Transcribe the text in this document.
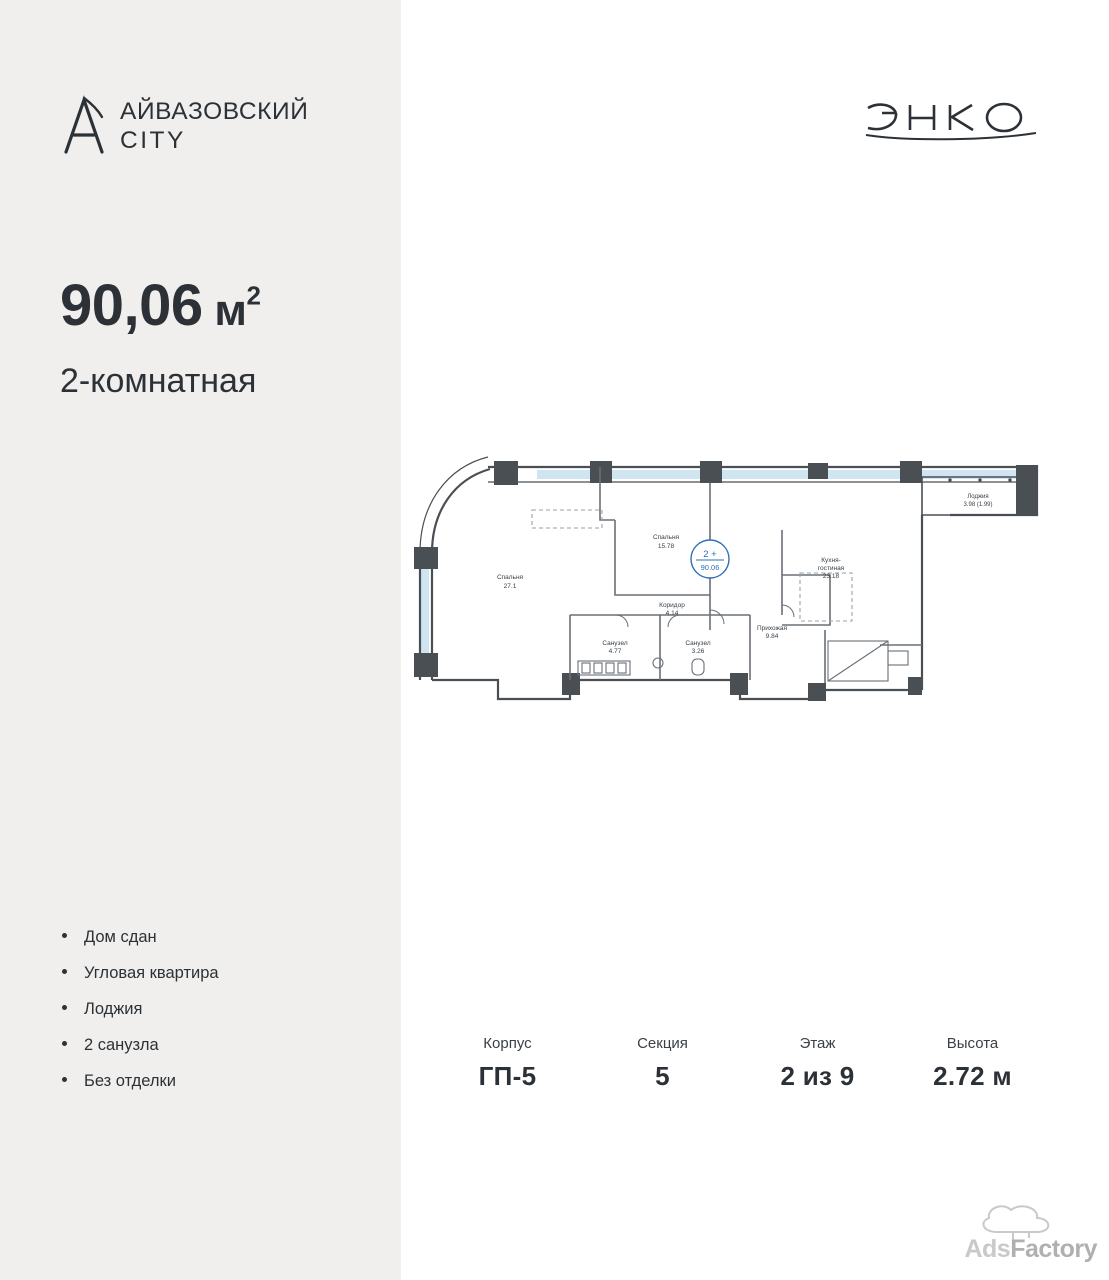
АЙВАЗОВСКИЙ
CITY
90,06 $м^2$
2-комнатная
Дом сдан
Угловая квартира
Лоджия
2 санузла
Без отделки
Спальня
27.1
Спальня
15.78
Кухня-
гостиная
23.18
Коридор
4.14
Санузел
4.77
Санузел
3.26
Прихожая
9.84
Лоджия
3.98 (1.99)
2 +
90.06
Корпус
ГП-5
Секция
5
Этаж
2 из 9
Высота
2.72 м
AdsFactory
